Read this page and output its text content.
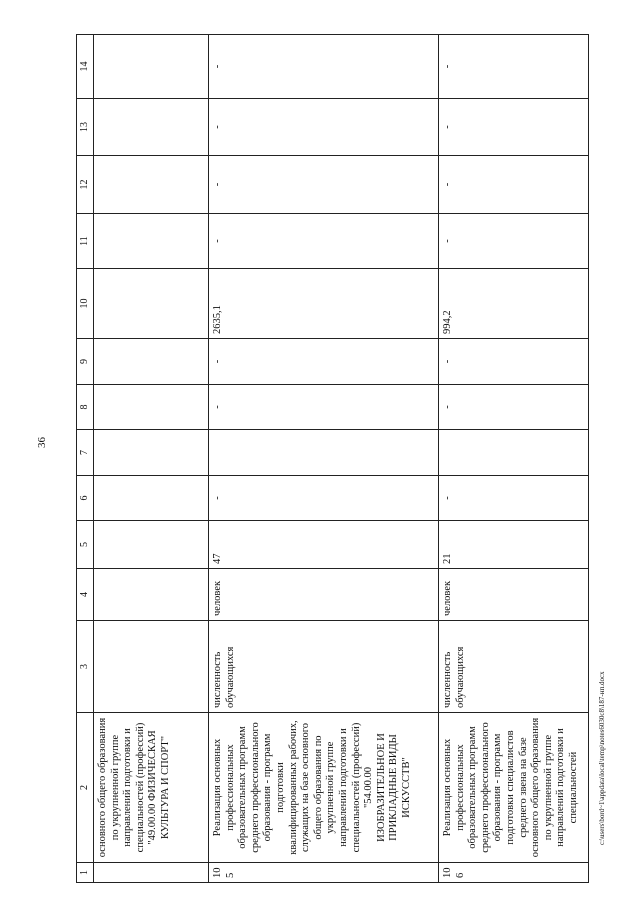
36
1	2	3	4	5	6	7	8	9	10	11	12	13	14
	основного общего образования по укрупненной группе направлений подготовки и специальностей (профессий) "49.00.00 ФИЗИЧЕСКАЯ КУЛЬТУРА И СПОРТ"												
105	Реализация основных профессиональных образовательных программ среднего профессионального образования - программ подготовки квалифицированных рабочих, служащих на базе основного общего образования по укрупненной группе направлений подготовки и специальностей (профессий) "54.00.00 ИЗОБРАЗИТЕЛЬНОЕ И ПРИКЛАДНЫЕ ВИДЫ ИСКУССТВ"	численность обучающихся	человек	47	-		-	-	2635,1	-	-	-	-
106	Реализация основных профессиональных образовательных программ среднего профессионального образования - программ подготовки специалистов среднего звена на базе основного общего образования по укрупненной группе направлений подготовки и специальностей	численность обучающихся	человек	21	-		-	-	994,2	-	-	-	-
c:\users\bord~1\appdata\local\temp\notes6030c8\187-нп.docx
